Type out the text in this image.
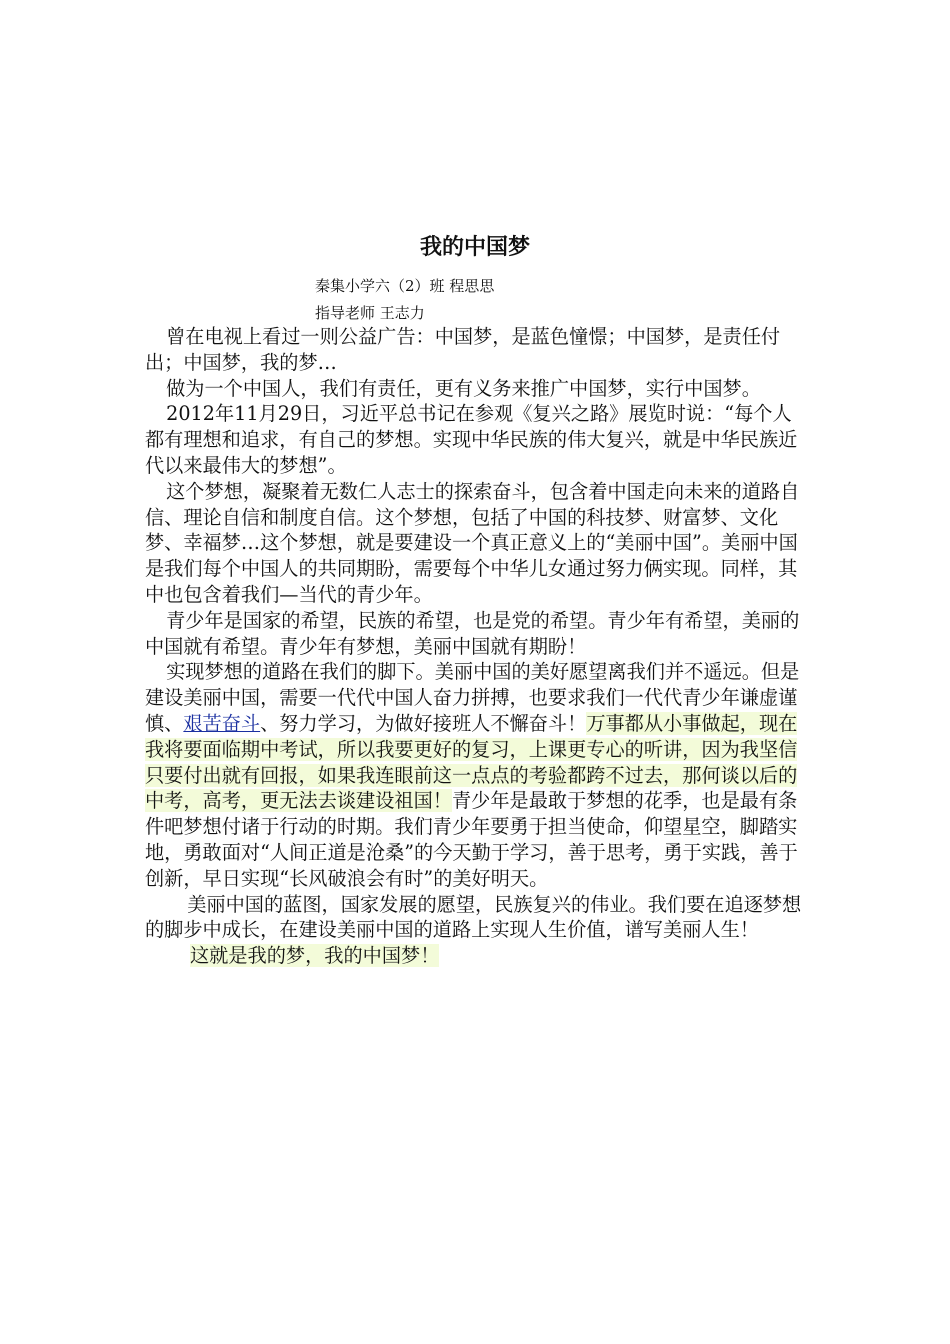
我的中国梦
秦集小学六（2）班 程思思
指导老师 王志力

曾在电视上看过一则公益广告：中国梦，是蓝色憧憬；中国梦，是责任付出；中国梦，我的梦…

做为一个中国人，我们有责任，更有义务来推广中国梦，实行中国梦。

2012年11月29日，习近平总书记在参观《复兴之路》展览时说：“每个人都有理想和追求，有自己的梦想。实现中华民族的伟大复兴，就是中华民族近代以来最伟大的梦想”。

这个梦想，凝聚着无数仁人志士的探索奋斗，包含着中国走向未来的道路自信、理论自信和制度自信。这个梦想，包括了中国的科技梦、财富梦、文化梦、幸福梦…这个梦想，就是要建设一个真正意义上的“美丽中国”。美丽中国是我们每个中国人的共同期盼，需要每个中华儿女通过努力俩实现。同样，其中也包含着我们—当代的青少年。

青少年是国家的希望，民族的希望，也是党的希望。青少年有希望，美丽的中国就有希望。青少年有梦想，美丽中国就有期盼！

实现梦想的道路在我们的脚下。美丽中国的美好愿望离我们并不遥远。但是建设美丽中国，需要一代代中国人奋力拼搏，也要求我们一代代青少年谦虚谨慎、艰苦奋斗、努力学习，为做好接班人不懈奋斗！万事都从小事做起，现在我将要面临期中考试，所以我要更好的复习，上课更专心的听讲，因为我坚信只要付出就有回报，如果我连眼前这一点点的考验都跨不过去，那何谈以后的中考，高考，更无法去谈建设祖国！青少年是最敢于梦想的花季，也是最有条件吧梦想付诸于行动的时期。我们青少年要勇于担当使命，仰望星空，脚踏实地，勇敢面对“人间正道是沧桑”的今天勤于学习，善于思考，勇于实践，善于创新，早日实现“长风破浪会有时”的美好明天。

美丽中国的蓝图，国家发展的愿望，民族复兴的伟业。我们要在追逐梦想的脚步中成长，在建设美丽中国的道路上实现人生价值，谱写美丽人生！

这就是我的梦，我的中国梦！
